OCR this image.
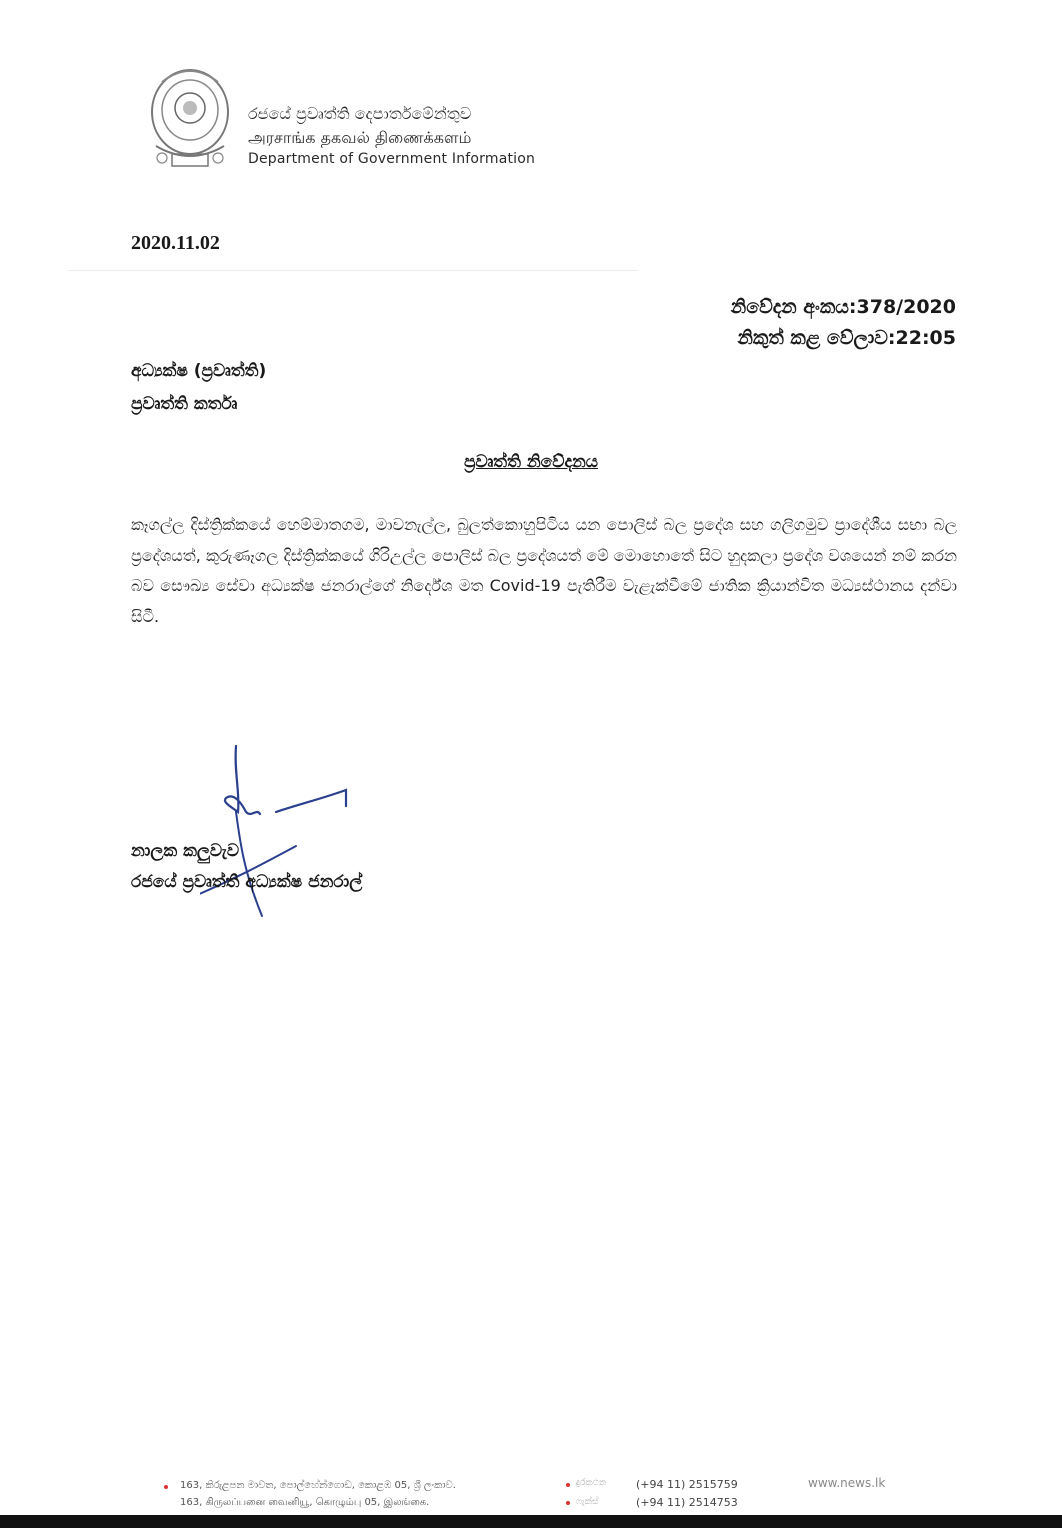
රජයේ ප්‍රවෘත්ති දෙපාර්තමේන්තුව
அரசாங்க தகவல் திணைக்களம்
Department of Government Information
2020.11.02
නිවේදන අංකය:378/2020
නිකුත් කළ වේලාව:22:05
අධ්‍යක්ෂ (ප්‍රවෘත්ති)
ප්‍රවෘත්ති කර්තෘ
ප්‍රවෘත්ති නිවේදනය
කෑගල්ල දිස්ත්‍රික්කයේ හෙම්මාතගම, මාවනැල්ල, බුලත්කොහුපිටිය යන පොලිස් බල ප්‍රදේශ සහ ගලිගමුව ප්‍රාදේශීය සභා බල ප්‍රදේශයත්, කුරුණෑගල දිස්ත්‍රික්කයේ ගිරිඋල්ල පොලිස් බල ප්‍රදේශයත් මේ මොහොතේ සිට හුදකලා ප්‍රදේශ වශයෙන් නම් කරන බව සෞඛ්‍ය සේවා අධ්‍යක්ෂ ජනරාල්ගේ නිර්දේශ මත Covid-19 පැතිරීම වැළැක්වීමේ ජාතික ක්‍රියාන්විත මධ්‍යස්ථානය දන්වා සිටී.
නාලක කලුවැව
රජයේ ප්‍රවෘත්ති අධ්‍යක්ෂ ජනරාල්
163, කිරුළපන මාවත, පොල්හේන්ගොඩ, කොළඹ 05, ශ්‍රී ලංකාව.
163, கிருலப்பனை வைனியூ, கொழும்பு 05, இலங்கை.
දුරකථන	(+94 11) 2515759
ෆැක්ස්	(+94 11) 2514753
www.news.lk
